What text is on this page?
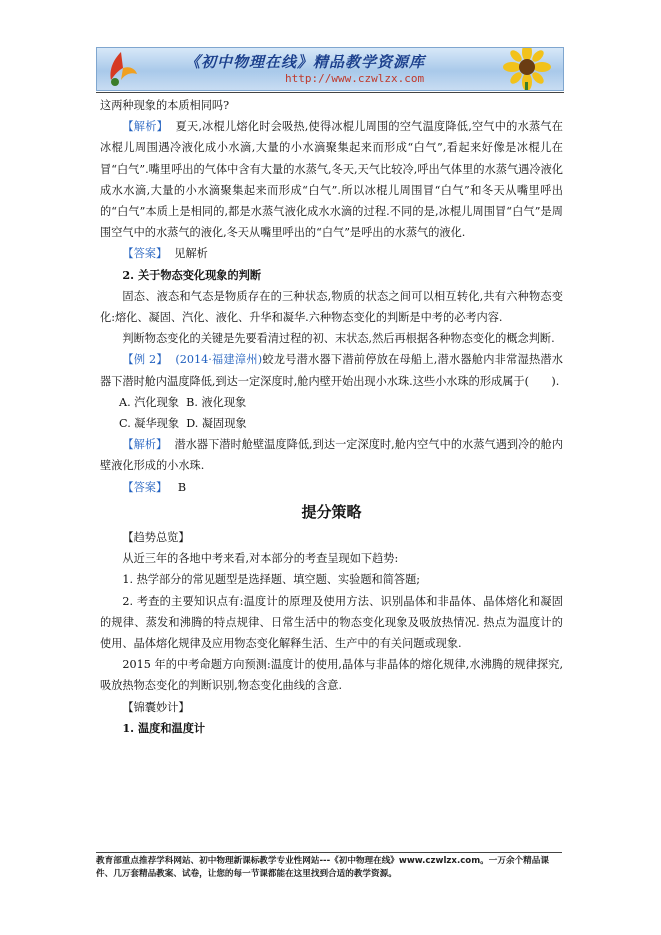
《初中物理在线》精品教学资源库
http://www.czwlzx.com

这两种现象的本质相同吗?

【解析】 夏天,冰棍儿熔化时会吸热,使得冰棍儿周围的空气温度降低,空气中的水蒸气在冰棍儿周围遇冷液化成小水滴,大量的小水滴聚集起来而形成“白气”,看起来好像是冰棍儿在冒“白气”.嘴里呼出的气体中含有大量的水蒸气,冬天,天气比较冷,呼出气体里的水蒸气遇冷液化成水水滴,大量的小水滴聚集起来而形成“白气”.所以冰棍儿周围冒“白气”和冬天从嘴里呼出的“白气”本质上是相同的,都是水蒸气液化成水水滴的过程.不同的是,冰棍儿周围冒“白气”是周围空气中的水蒸气的液化,冬天从嘴里呼出的“白气”是呼出的水蒸气的液化.

【答案】 见解析

2. 关于物态变化现象的判断

固态、液态和气态是物质存在的三种状态,物质的状态之间可以相互转化,共有六种物态变化:熔化、凝固、汽化、液化、升华和凝华.六种物态变化的判断是中考的必考内容.

判断物态变化的关键是先要看清过程的初、末状态,然后再根据各种物态变化的概念判断.

【例 2】 (2014·福建漳州)蛟龙号潜水器下潜前停放在母船上,潜水器舱内非常湿热潜水器下潜时舱内温度降低,到达一定深度时,舱内壁开始出现小水珠.这些小水珠的形成属于(　　).

A. 汽化现象 B. 液化现象

C. 凝华现象 D. 凝固现象

【解析】 潜水器下潜时舱壁温度降低,到达一定深度时,舱内空气中的水蒸气遇到冷的舱内壁液化形成的小水珠.

【答案】 B

提分策略

【趋势总览】

从近三年的各地中考来看,对本部分的考查呈现如下趋势:

1. 热学部分的常见题型是选择题、填空题、实验题和简答题;

2. 考查的主要知识点有:温度计的原理及使用方法、识别晶体和非晶体、晶体熔化和凝固的规律、蒸发和沸腾的特点规律、日常生活中的物态变化现象及吸放热情况. 热点为温度计的使用、晶体熔化规律及应用物态变化解释生活、生产中的有关问题或现象.

2015 年的中考命题方向预测:温度计的使用,晶体与非晶体的熔化规律,水沸腾的规律探究,吸放热物态变化的判断识别,物态变化曲线的含意.

【锦囊妙计】

1. 温度和温度计

教育部重点推荐学科网站、初中物理新课标教学专业性网站---《初中物理在线》www.czwlzx.com。一万余个精品课件、几万套精品教案、试卷，让您的每一节课都能在这里找到合适的教学资源。
